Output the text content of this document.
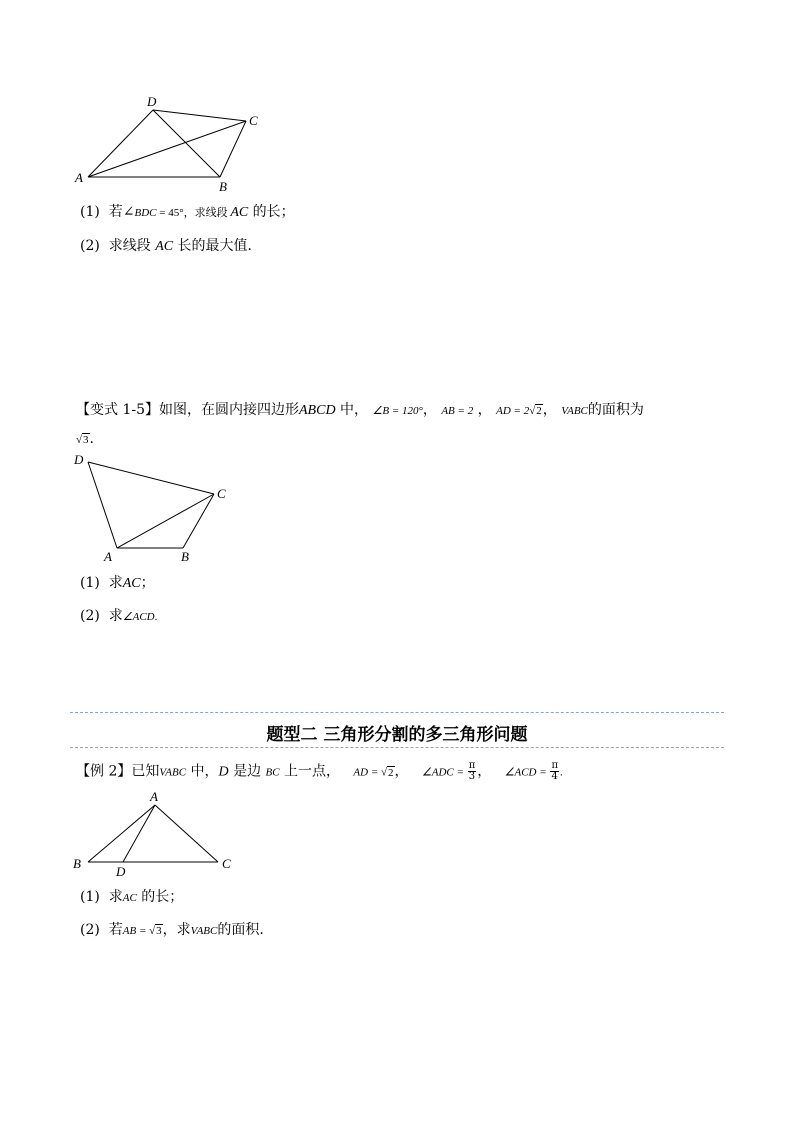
D
C
A
B
(1) 若∠BDC = 45°，求线段 AC 的长；
(2) 求线段 AC 长的最大值．
【变式 1-5】如图，在圆内接四边形ABCD 中， ∠B = 120°， AB = 2 ， AD = 2√2， VABC的面积为
√3.
D
C
A	B
(1) 求AC；
(2) 求∠ACD.
题型二 三角形分割的多三角形问题
【例 2】已知VABC 中，D 是边 BC 上一点， AD = √2， ∠ADC = $\frac{\pi}{3}$ ， ∠ACD = $\frac{\pi}{4}$ .
A
B	C
D
(1) 求AC 的长；
(2) 若AB = √3，求VABC的面积.
